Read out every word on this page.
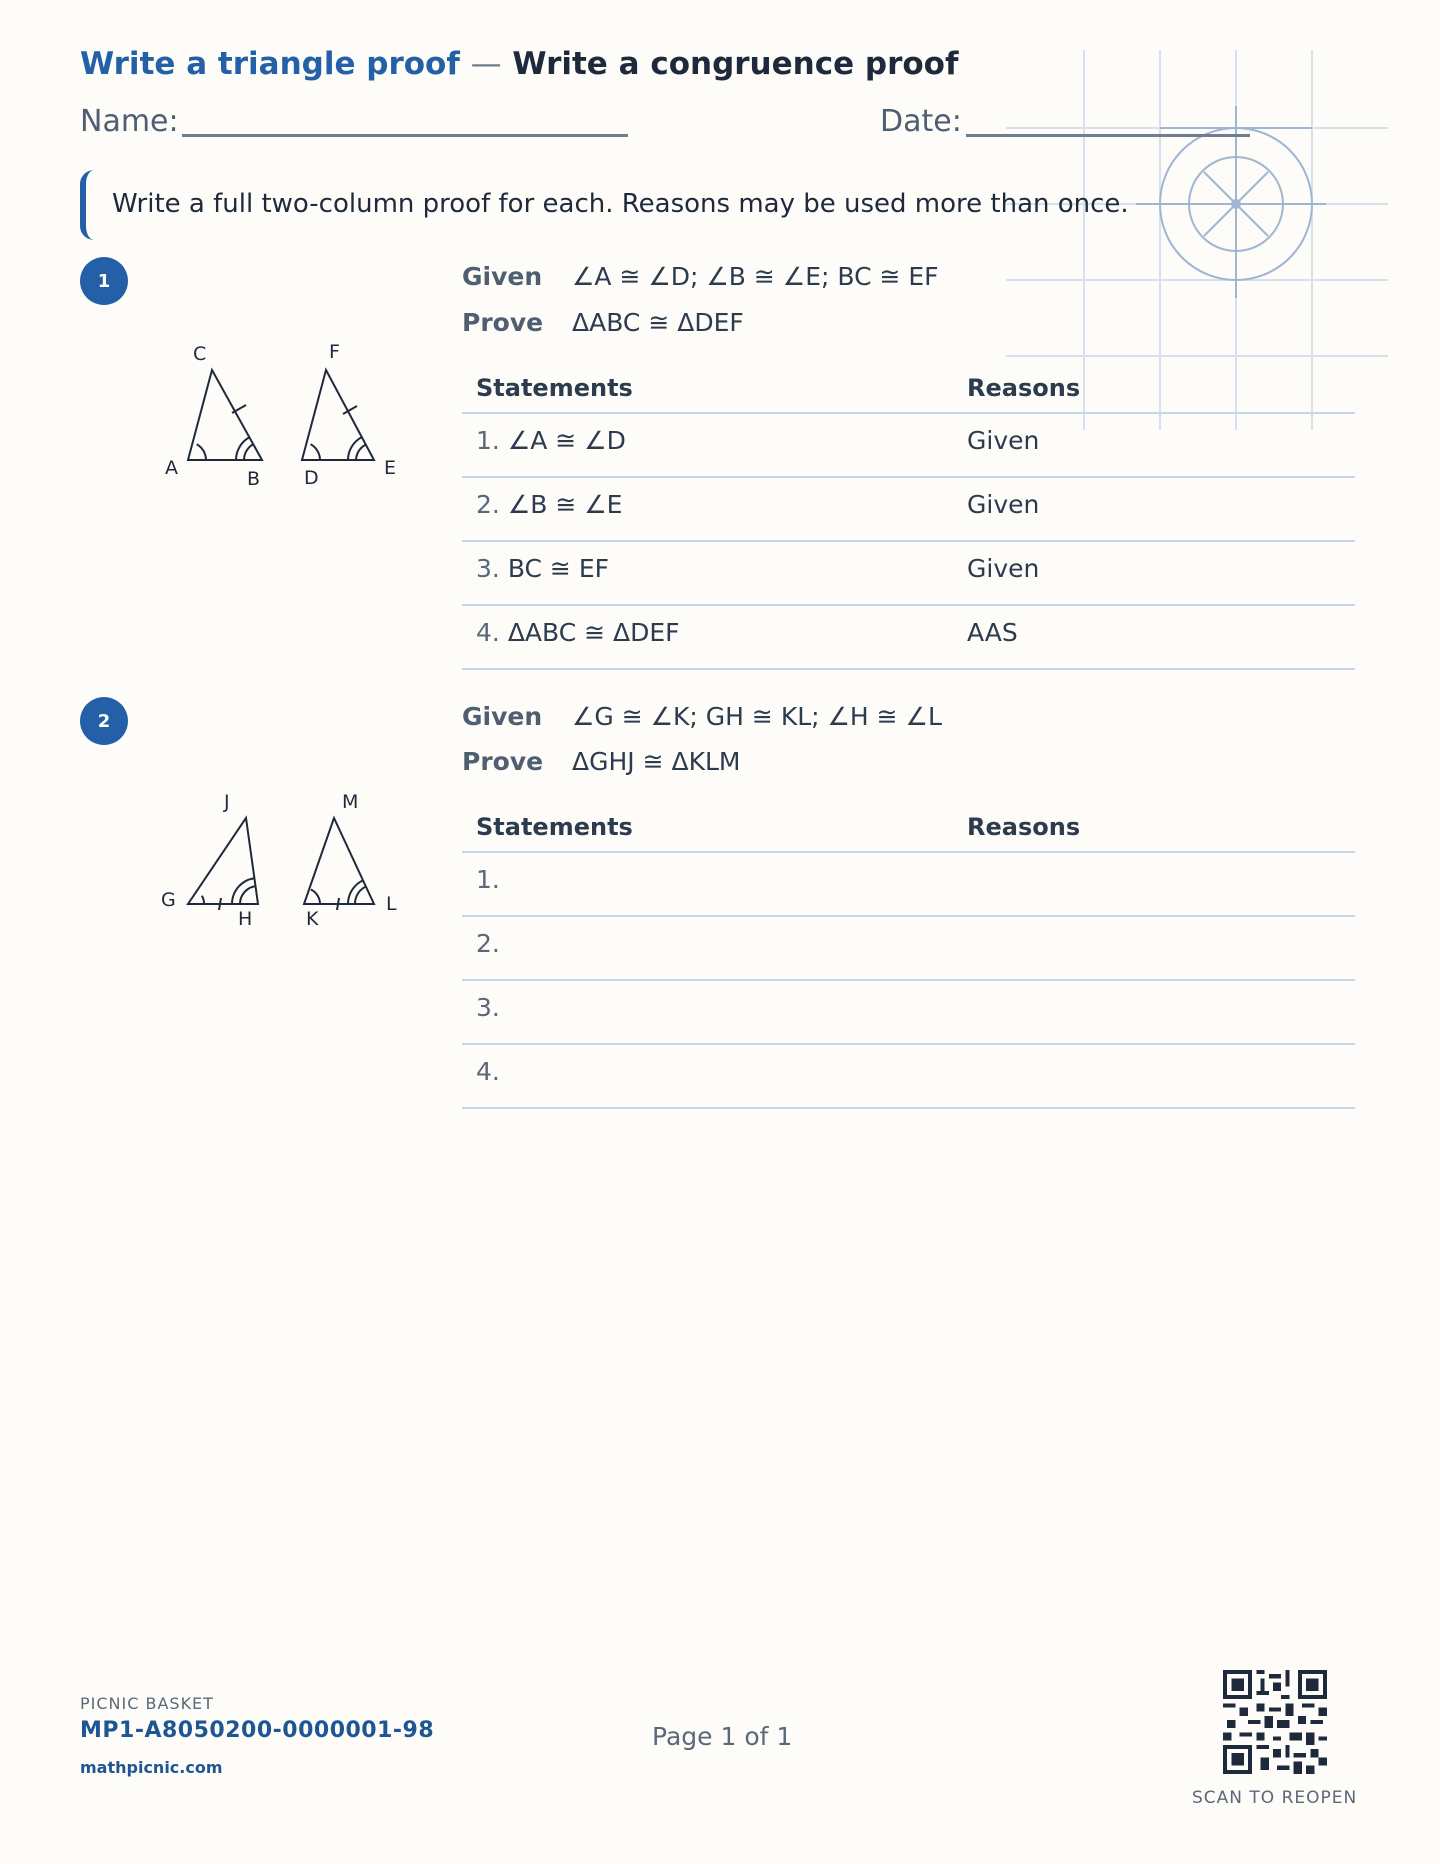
Write a triangle proof — Write a congruence proof
Name:	Date:
Write a full two-column proof for each. Reasons may be used more than once.
1
A	B
C
D	E
F
Given ∠A ≅ ∠D; ∠B ≅ ∠E; BC ≅ EF
Prove ΔABC ≅ ΔDEF
Statements	Reasons
1. ∠A ≅ ∠D	Given
2. ∠B ≅ ∠E	Given
3. BC ≅ EF	Given
4. ΔABC ≅ ΔDEF	AAS
2
G
H
J
K
L
M
Given ∠G ≅ ∠K; GH ≅ KL; ∠H ≅ ∠L
Prove ΔGHJ ≅ ΔKLM
Statements	Reasons
1.
2.
3.
4.
PICNIC BASKET
MP1-A8050200-0000001-98
mathpicnic.com
Page 1 of 1
SCAN TO REOPEN
